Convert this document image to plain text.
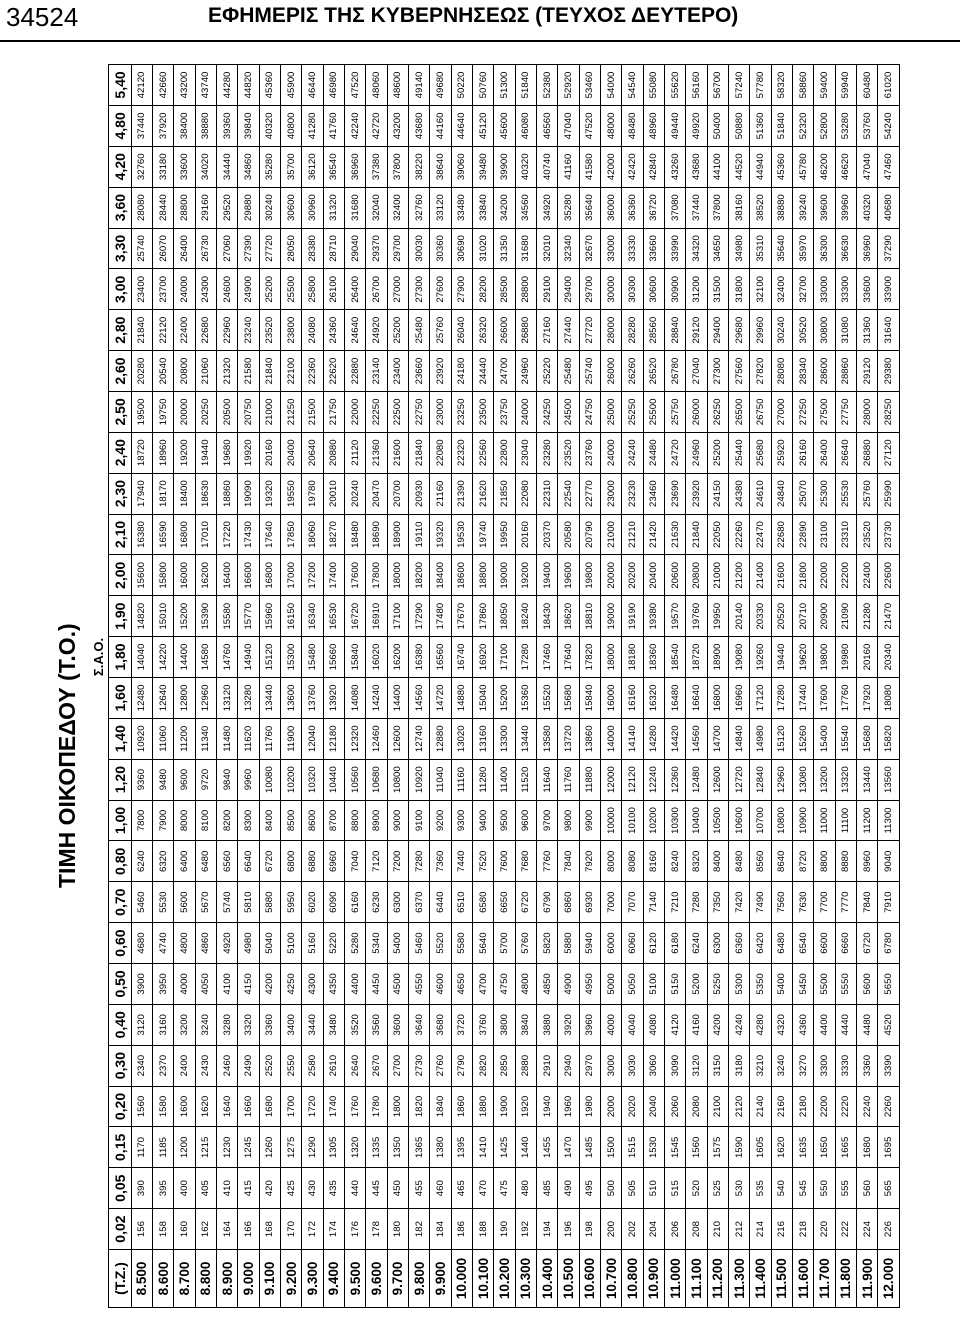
34524	ΕΦΗΜΕΡΙΣ ΤΗΣ ΚΥΒΕΡΝΗΣΕΩΣ (ΤΕΥΧΟΣ ΔΕΥΤΕΡΟ)
ΤΙΜΗ ΟΙΚΟΠΕΔΟΥ (Τ.Ο.)
	Σ.Α.Ο.																												
(Τ.Ζ.)	0,02	0,05	0,15	0,20	0,30	0,40	0,50	0,60	0,70	0,80	1,00	1,20	1,40	1,60	1,80	1,90	2,00	2,10	2,30	2,40	2,50	2,60	2,80	3,00	3,30	3,60	4,20	4,80	5,40
8.500	156	390	1170	1560	2340	3120	3900	4680	5460	6240	7800	9360	10920	12480	14040	14820	15600	16380	17940	18720	19500	20280	21840	23400	25740	28080	32760	37440	42120
8.600	158	395	1185	1580	2370	3160	3950	4740	5530	6320	7900	9480	11060	12640	14220	15010	15800	16590	18170	18960	19750	20540	22120	23700	26070	28440	33180	37920	42660
8.700	160	400	1200	1600	2400	3200	4000	4800	5600	6400	8000	9600	11200	12800	14400	15200	16000	16800	18400	19200	20000	20800	22400	24000	26400	28800	33600	38400	43200
8.800	162	405	1215	1620	2430	3240	4050	4860	5670	6480	8100	9720	11340	12960	14580	15390	16200	17010	18630	19440	20250	21060	22680	24300	26730	29160	34020	38880	43740
8.900	164	410	1230	1640	2460	3280	4100	4920	5740	6560	8200	9840	11480	13120	14760	15580	16400	17220	18860	19680	20500	21320	22960	24600	27060	29520	34440	39360	44280
9.000	166	415	1245	1660	2490	3320	4150	4980	5810	6640	8300	9960	11620	13280	14940	15770	16600	17430	19090	19920	20750	21580	23240	24900	27390	29880	34860	39840	44820
9.100	168	420	1260	1680	2520	3360	4200	5040	5880	6720	8400	10080	11760	13440	15120	15960	16800	17640	19320	20160	21000	21840	23520	25200	27720	30240	35280	40320	45360
9.200	170	425	1275	1700	2550	3400	4250	5100	5950	6800	8500	10200	11900	13600	15300	16150	17000	17850	19550	20400	21250	22100	23800	25500	28050	30600	35700	40800	45900
9.300	172	430	1290	1720	2580	3440	4300	5160	6020	6880	8600	10320	12040	13760	15480	16340	17200	18060	19780	20640	21500	22360	24080	25800	28380	30960	36120	41280	46440
9.400	174	435	1305	1740	2610	3480	4350	5220	6090	6960	8700	10440	12180	13920	15660	16530	17400	18270	20010	20880	21750	22620	24360	26100	28710	31320	36540	41760	46980
9.500	176	440	1320	1760	2640	3520	4400	5280	6160	7040	8800	10560	12320	14080	15840	16720	17600	18480	20240	21120	22000	22880	24640	26400	29040	31680	36960	42240	47520
9.600	178	445	1335	1780	2670	3560	4450	5340	6230	7120	8900	10680	12460	14240	16020	16910	17800	18690	20470	21360	22250	23140	24920	26700	29370	32040	37380	42720	48060
9.700	180	450	1350	1800	2700	3600	4500	5400	6300	7200	9000	10800	12600	14400	16200	17100	18000	18900	20700	21600	22500	23400	25200	27000	29700	32400	37800	43200	48600
9.800	182	455	1365	1820	2730	3640	4550	5460	6370	7280	9100	10920	12740	14560	16380	17290	18200	19110	20930	21840	22750	23660	25480	27300	30030	32760	38220	43680	49140
9.900	184	460	1380	1840	2760	3680	4600	5520	6440	7360	9200	11040	12880	14720	16560	17480	18400	19320	21160	22080	23000	23920	25760	27600	30360	33120	38640	44160	49680
10.000	186	465	1395	1860	2790	3720	4650	5580	6510	7440	9300	11160	13020	14880	16740	17670	18600	19530	21390	22320	23250	24180	26040	27900	30690	33480	39060	44640	50220
10.100	188	470	1410	1880	2820	3760	4700	5640	6580	7520	9400	11280	13160	15040	16920	17860	18800	19740	21620	22560	23500	24440	26320	28200	31020	33840	39480	45120	50760
10.200	190	475	1425	1900	2850	3800	4750	5700	6650	7600	9500	11400	13300	15200	17100	18050	19000	19950	21850	22800	23750	24700	26600	28500	31350	34200	39900	45600	51300
10.300	192	480	1440	1920	2880	3840	4800	5760	6720	7680	9600	11520	13440	15360	17280	18240	19200	20160	22080	23040	24000	24960	26880	28800	31680	34560	40320	46080	51840
10.400	194	485	1455	1940	2910	3880	4850	5820	6790	7760	9700	11640	13580	15520	17460	18430	19400	20370	22310	23280	24250	25220	27160	29100	32010	34920	40740	46560	52380
10.500	196	490	1470	1960	2940	3920	4900	5880	6860	7840	9800	11760	13720	15680	17640	18620	19600	20580	22540	23520	24500	25480	27440	29400	32340	35280	41160	47040	52920
10.600	198	495	1485	1980	2970	3960	4950	5940	6930	7920	9900	11880	13860	15840	17820	18810	19800	20790	22770	23760	24750	25740	27720	29700	32670	35640	41580	47520	53460
10.700	200	500	1500	2000	3000	4000	5000	6000	7000	8000	10000	12000	14000	16000	18000	19000	20000	21000	23000	24000	25000	26000	28000	30000	33000	36000	42000	48000	54000
10.800	202	505	1515	2020	3030	4040	5050	6060	7070	8080	10100	12120	14140	16160	18180	19190	20200	21210	23230	24240	25250	26260	28280	30300	33330	36360	42420	48480	54540
10.900	204	510	1530	2040	3060	4080	5100	6120	7140	8160	10200	12240	14280	16320	18360	19380	20400	21420	23460	24480	25500	26520	28560	30600	33660	36720	42840	48960	55080
11.000	206	515	1545	2060	3090	4120	5150	6180	7210	8240	10300	12360	14420	16480	18540	19570	20600	21630	23690	24720	25750	26780	28840	30900	33990	37080	43260	49440	55620
11.100	208	520	1560	2080	3120	4160	5200	6240	7280	8320	10400	12480	14560	16640	18720	19760	20800	21840	23920	24960	26000	27040	29120	31200	34320	37440	43680	49920	56160
11.200	210	525	1575	2100	3150	4200	5250	6300	7350	8400	10500	12600	14700	16800	18900	19950	21000	22050	24150	25200	26250	27300	29400	31500	34650	37800	44100	50400	56700
11.300	212	530	1590	2120	3180	4240	5300	6360	7420	8480	10600	12720	14840	16960	19080	20140	21200	22260	24380	25440	26500	27560	29680	31800	34980	38160	44520	50880	57240
11.400	214	535	1605	2140	3210	4280	5350	6420	7490	8560	10700	12840	14980	17120	19260	20330	21400	22470	24610	25680	26750	27820	29960	32100	35310	38520	44940	51360	57780
11.500	216	540	1620	2160	3240	4320	5400	6480	7560	8640	10800	12960	15120	17280	19440	20520	21600	22680	24840	25920	27000	28080	30240	32400	35640	38880	45360	51840	58320
11.600	218	545	1635	2180	3270	4360	5450	6540	7630	8720	10900	13080	15260	17440	19620	20710	21800	22890	25070	26160	27250	28340	30520	32700	35970	39240	45780	52320	58860
11.700	220	550	1650	2200	3300	4400	5500	6600	7700	8800	11000	13200	15400	17600	19800	20900	22000	23100	25300	26400	27500	28600	30800	33000	36300	39600	46200	52800	59400
11.800	222	555	1665	2220	3330	4440	5550	6660	7770	8880	11100	13320	15540	17760	19980	21090	22200	23310	25530	26640	27750	28860	31080	33300	36630	39960	46620	53280	59940
11.900	224	560	1680	2240	3360	4480	5600	6720	7840	8960	11200	13440	15680	17920	20160	21280	22400	23520	25760	26880	28000	29120	31360	33600	36960	40320	47040	53760	60480
12.000	226	565	1695	2260	3390	4520	5650	6780	7910	9040	11300	13560	15820	18080	20340	21470	22600	23730	25990	27120	28250	29380	31640	33900	37290	40680	47460	54240	61020
